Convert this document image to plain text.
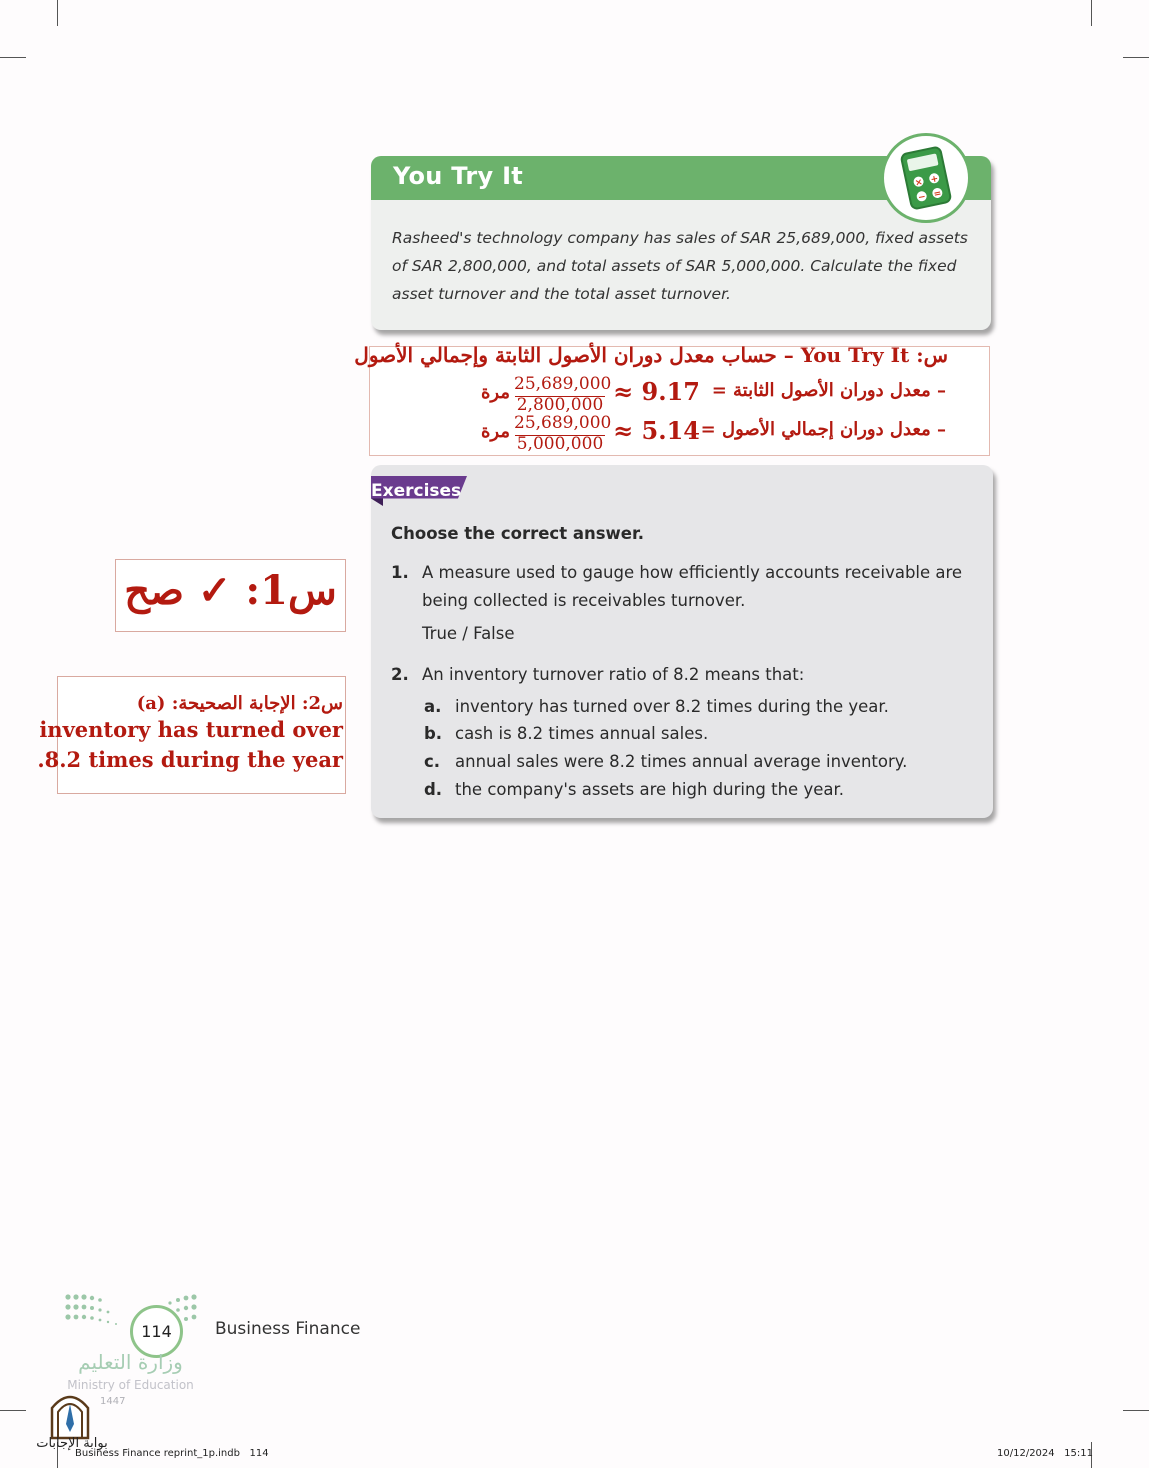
You Try It
Rasheed's technology company has sales of SAR 25,689,000, fixed assets of SAR 2,800,000, and total assets of SAR 5,000,000. Calculate the fixed asset turnover and the total asset turnover.
× +
− =
س: You Try It – حساب معدل دوران الأصول الثابتة وإجمالي الأصول
– معدل دوران الأصول الثابتة =
9.17 ≈
25,689,000
2,800,000
مرة
– معدل دوران إجمالي الأصول =
5.14 ≈
25,689,000
5,000,000
مرة
Exercises
Choose the correct answer.
1. A measure used to gauge how efficiently accounts receivable are
being collected is receivables turnover.
True / False
2. An inventory turnover ratio of 8.2 means that:
a. inventory has turned over 8.2 times during the year.
b. cash is 8.2 times annual sales.
c. annual sales were 8.2 times annual average inventory.
d. the company's assets are high during the year.
س1: ✓ صح
س2: الإجابة الصحيحة: (a)
inventory has turned over
.8.2 times during the year
114	Business Finance
وزارة التعليم
Ministry of Education
1447
بوابة الإجابات
Business Finance reprint_1p.indb   114	10/12/2024   15:11
